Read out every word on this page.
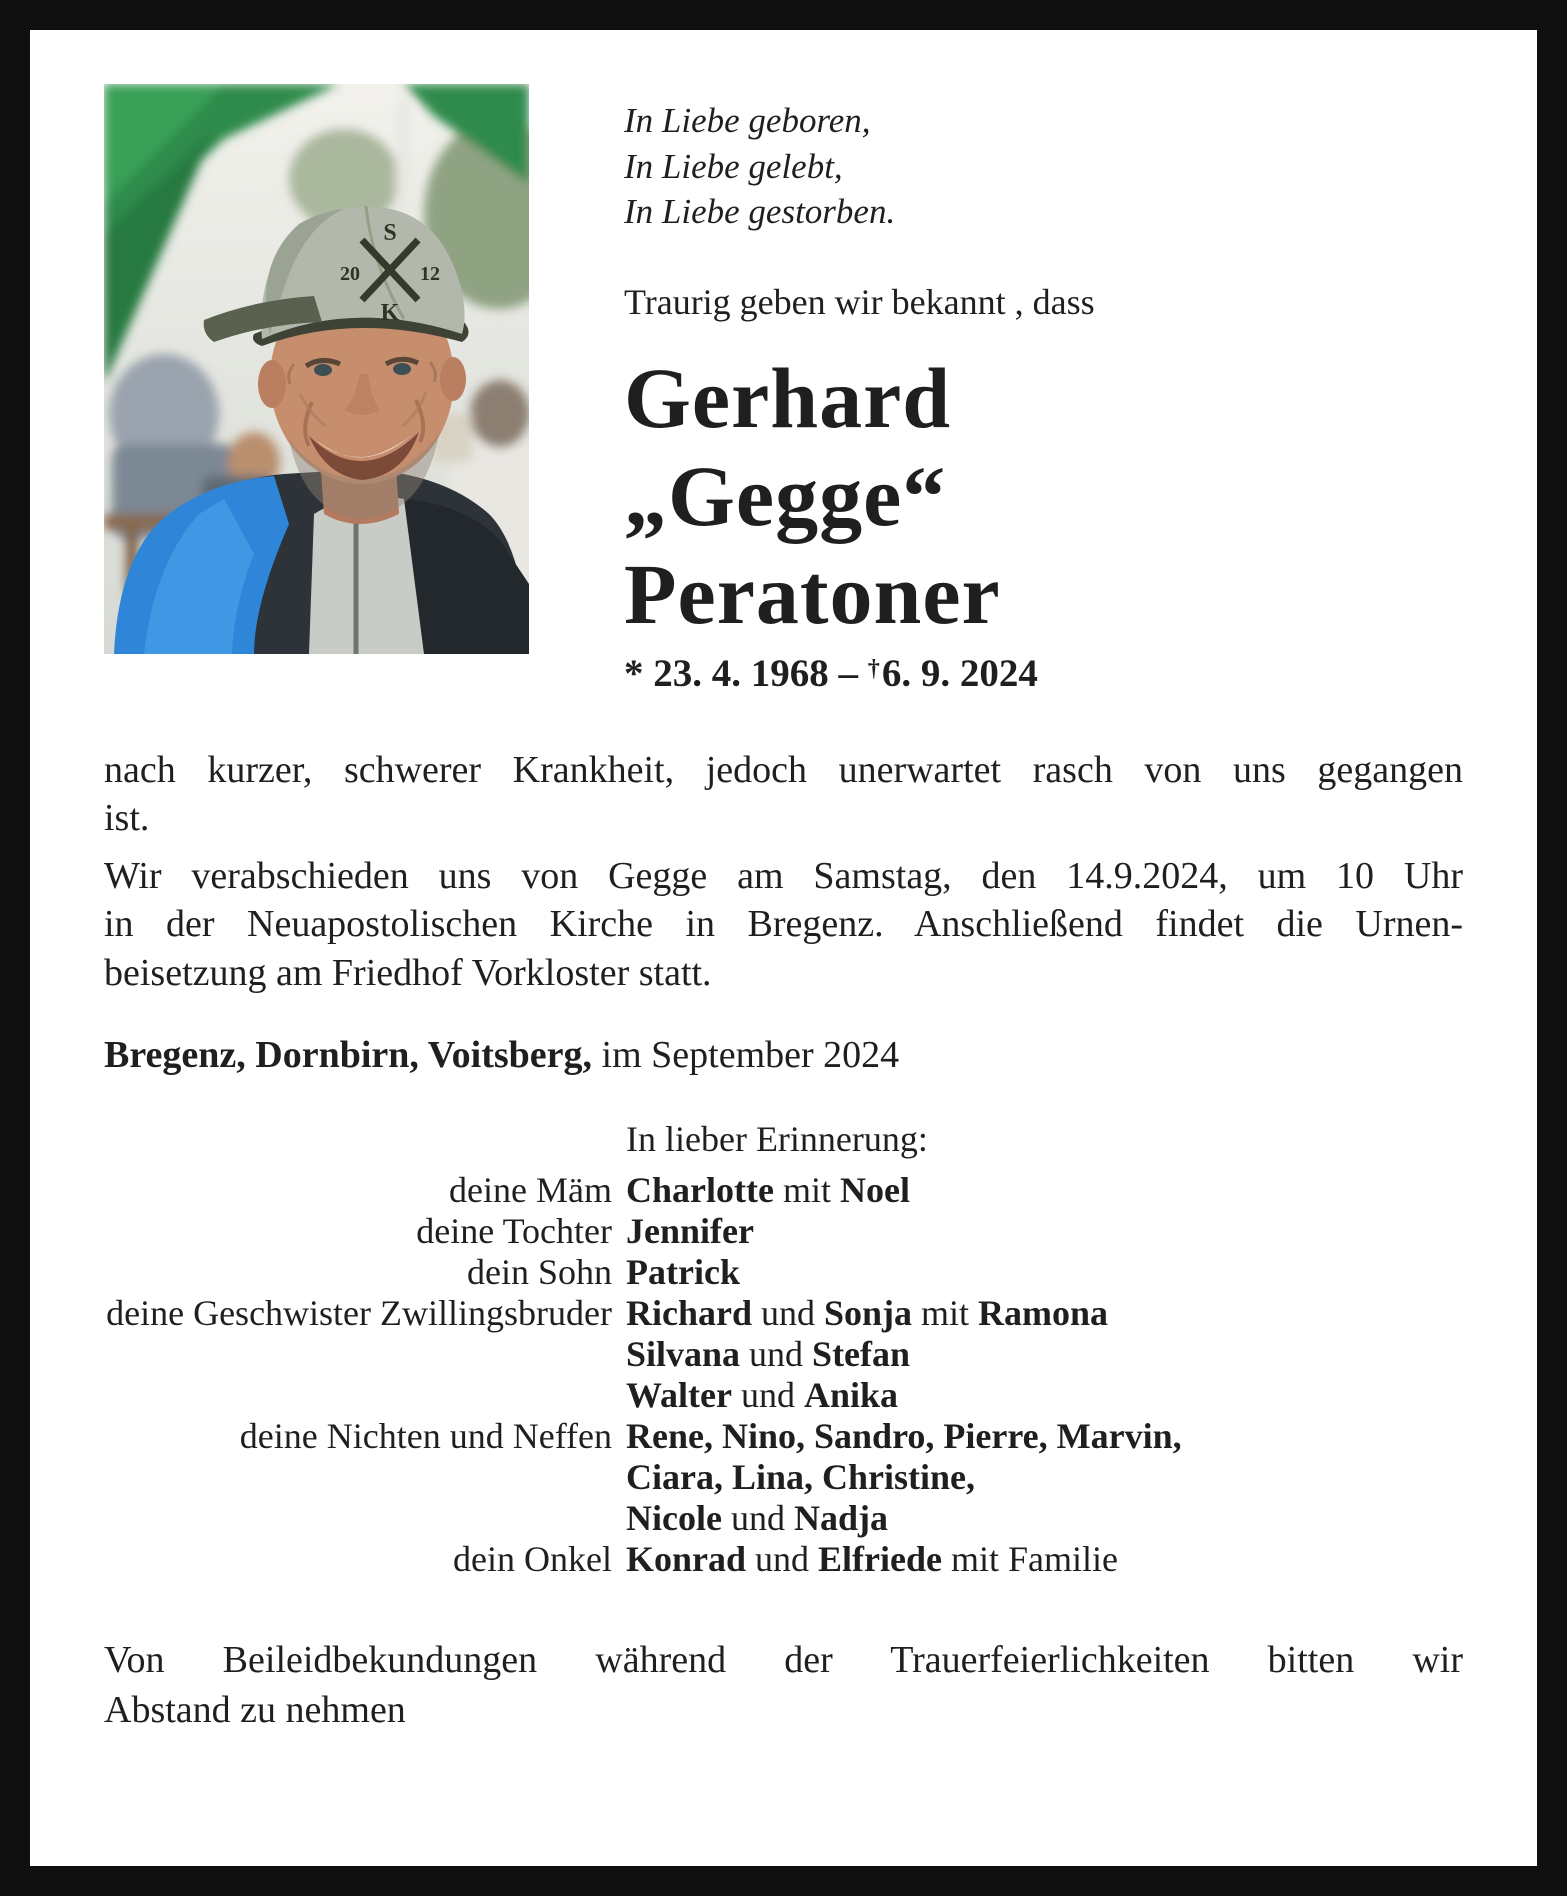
S
20
K
12
In Liebe geboren,
In Liebe gelebt,
In Liebe gestorben.
Traurig geben wir bekannt , dass
Gerhard
„Gegge“
Peratoner
* 23. 4. 1968 – †6. 9. 2024
nach kurzer, schwerer Krankheit, jedoch unerwartet rasch von uns gegangen
ist.
Wir verabschieden uns von Gegge am Samstag, den 14.9.2024, um 10 Uhr
in der Neuapostolischen Kirche in Bregenz. Anschließend findet die Urnen-
beisetzung am Friedhof Vorkloster statt.
Bregenz, Dornbirn, Voitsberg, im September 2024
In lieber Erinnerung:
deine Mäm Charlotte mit Noel
deine Tochter Jennifer
dein Sohn Patrick
deine Geschwister Zwillingsbruder Richard und Sonja mit Ramona
Silvana und Stefan
Walter und Anika
deine Nichten und Neffen Rene, Nino, Sandro, Pierre, Marvin,
Ciara, Lina, Christine,
Nicole und Nadja
dein Onkel Konrad und Elfriede mit Familie
Von Beileidbekundungen während der Trauerfeierlichkeiten bitten wir
Abstand zu nehmen
